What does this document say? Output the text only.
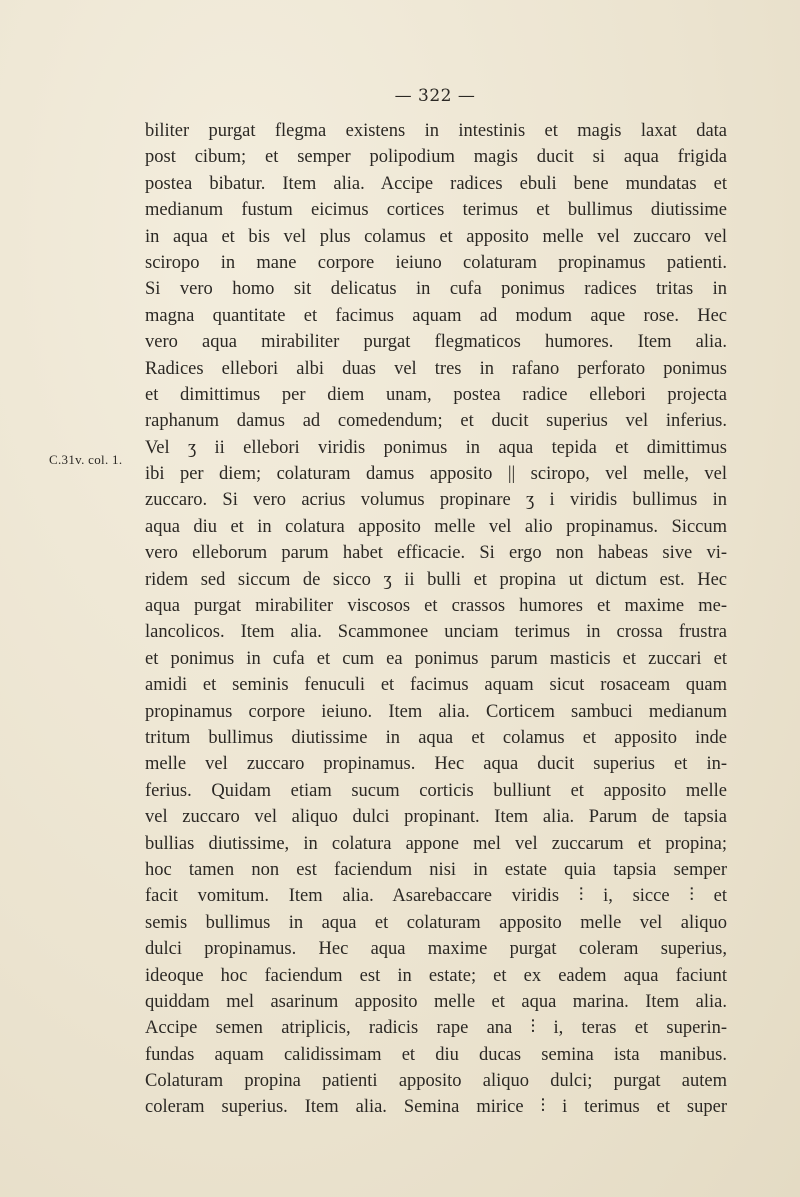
— 322 —
C.31v. col. 1.
biliter purgat flegma existens in intestinis et magis laxat data
post cibum; et semper polipodium magis ducit si aqua frigida
postea bibatur. Item alia. Accipe radices ebuli bene mundatas et
medianum fustum eicimus cortices terimus et bullimus diutissime
in aqua et bis vel plus colamus et apposito melle vel zuccaro vel
sciropo in mane corpore ieiuno colaturam propinamus patienti.
Si vero homo sit delicatus in cufa ponimus radices tritas in
magna quantitate et facimus aquam ad modum aque rose. Hec
vero aqua mirabiliter purgat flegmaticos humores. Item alia.
Radices ellebori albi duas vel tres in rafano perforato ponimus
et dimittimus per diem unam, postea radice ellebori projecta
raphanum damus ad comedendum; et ducit superius vel inferius.
Vel ʒ ii ellebori viridis ponimus in aqua tepida et dimittimus
ibi per diem; colaturam damus apposito || sciropo, vel melle, vel
zuccaro. Si vero acrius volumus propinare ʒ i viridis bullimus in
aqua diu et in colatura apposito melle vel alio propinamus. Siccum
vero elleborum parum habet efficacie. Si ergo non habeas sive vi-
ridem sed siccum de sicco ʒ ii bulli et propina ut dictum est. Hec
aqua purgat mirabiliter viscosos et crassos humores et maxime me-
lancolicos. Item alia. Scammonee unciam terimus in crossa frustra
et ponimus in cufa et cum ea ponimus parum masticis et zuccari et
amidi et seminis fenuculi et facimus aquam sicut rosaceam quam
propinamus corpore ieiuno. Item alia. Corticem sambuci medianum
tritum bullimus diutissime in aqua et colamus et apposito inde
melle vel zuccaro propinamus. Hec aqua ducit superius et in-
ferius. Quidam etiam sucum corticis bulliunt et apposito melle
vel zuccaro vel aliquo dulci propinant. Item alia. Parum de tapsia
bullias diutissime, in colatura appone mel vel zuccarum et propina;
hoc tamen non est faciendum nisi in estate quia tapsia semper
facit vomitum. Item alia. Asarebaccare viridis ⫶ i, sicce ⫶ et
semis bullimus in aqua et colaturam apposito melle vel aliquo
dulci propinamus. Hec aqua maxime purgat coleram superius,
ideoque hoc faciendum est in estate; et ex eadem aqua faciunt
quiddam mel asarinum apposito melle et aqua marina. Item alia.
Accipe semen atriplicis, radicis rape ana ⫶ i, teras et superin-
fundas aquam calidissimam et diu ducas semina ista manibus.
Colaturam propina patienti apposito aliquo dulci; purgat autem
coleram superius. Item alia. Semina mirice ⫶ i terimus et super
